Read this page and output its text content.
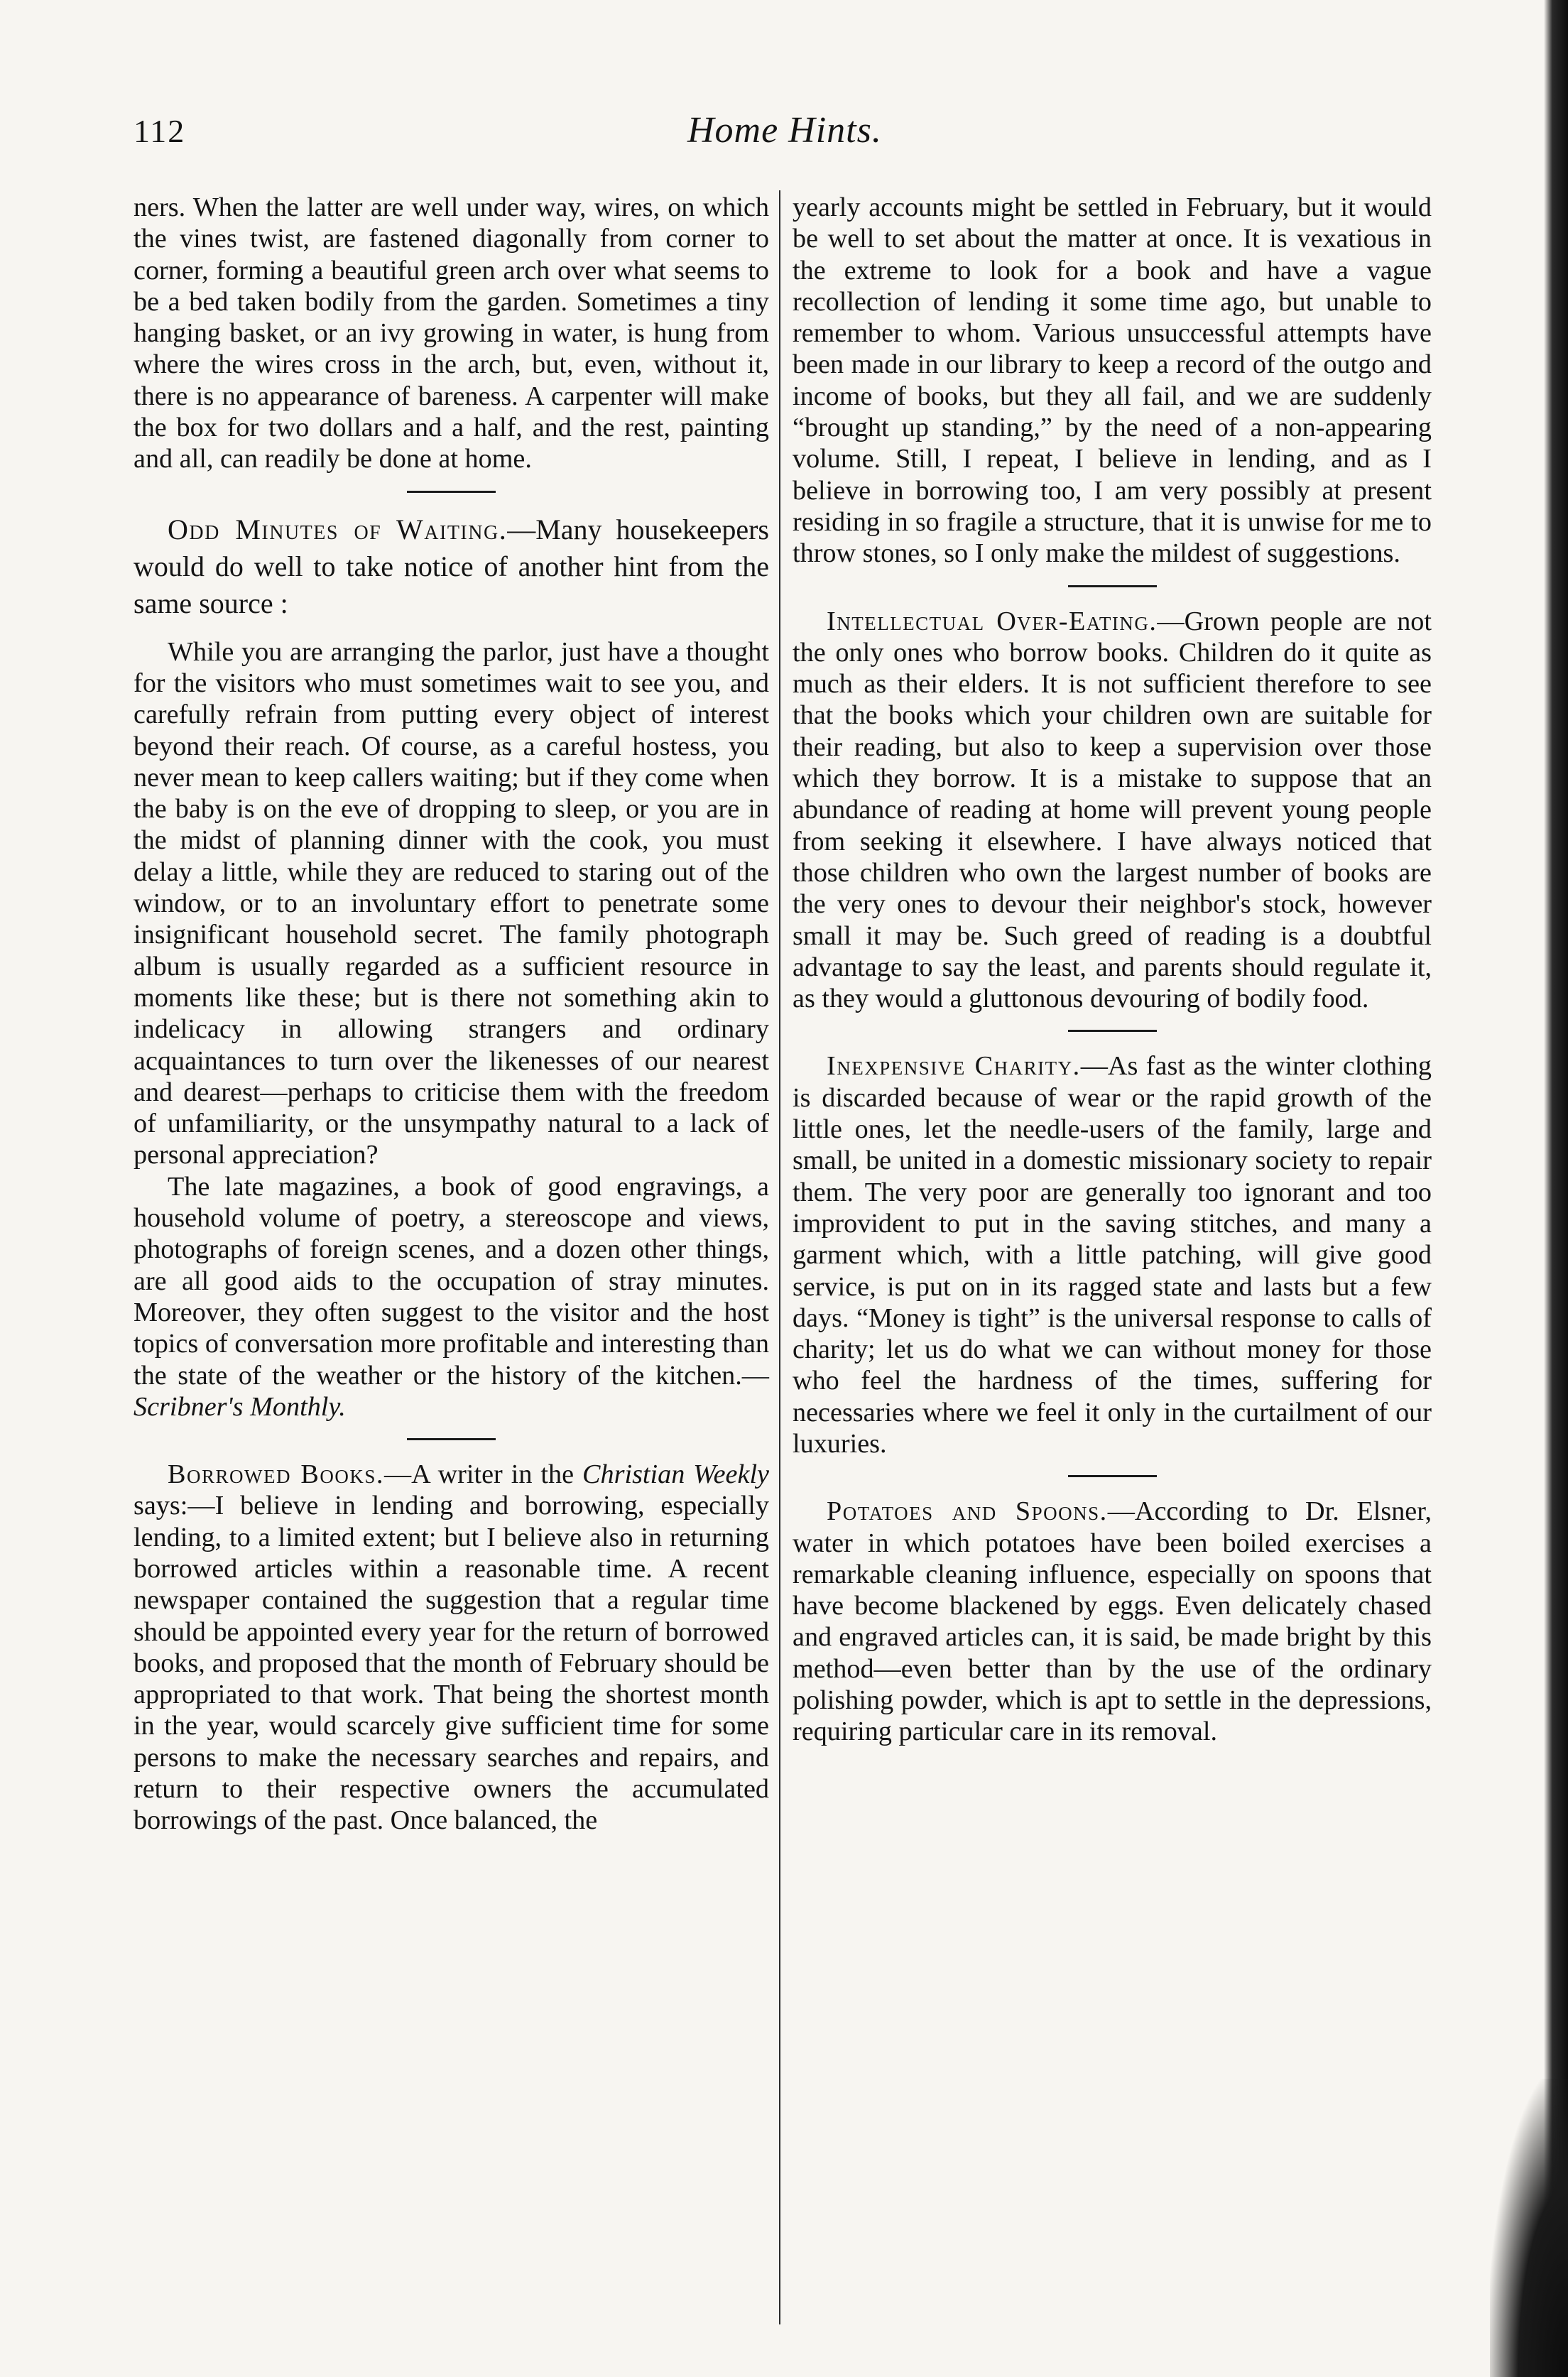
112	Home Hints.

ners. When the latter are well under way, wires, on which the vines twist, are fastened diagonally from corner to corner, forming a beautiful green arch over what seems to be a bed taken bodily from the garden. Sometimes a tiny hanging basket, or an ivy growing in water, is hung from where the wires cross in the arch, but, even, without it, there is no appearance of bareness. A carpenter will make the box for two dollars and a half, and the rest, painting and all, can readily be done at home.

Odd Minutes of Waiting.—Many housekeepers would do well to take notice of another hint from the same source :

While you are arranging the parlor, just have a thought for the visitors who must sometimes wait to see you, and carefully refrain from putting every object of interest beyond their reach. Of course, as a careful hostess, you never mean to keep callers waiting; but if they come when the baby is on the eve of dropping to sleep, or you are in the midst of planning dinner with the cook, you must delay a little, while they are reduced to staring out of the window, or to an involuntary effort to penetrate some insignificant household secret. The family photograph album is usually regarded as a sufficient resource in moments like these; but is there not something akin to indelicacy in allowing strangers and ordinary acquaintances to turn over the likenesses of our nearest and dearest—perhaps to criticise them with the freedom of unfamiliarity, or the unsympathy natural to a lack of personal appreciation?

The late magazines, a book of good engravings, a household volume of poetry, a stereoscope and views, photographs of foreign scenes, and a dozen other things, are all good aids to the occupation of stray minutes. Moreover, they often suggest to the visitor and the host topics of conversation more profitable and interesting than the state of the weather or the history of the kitchen.—Scribner's Monthly.

Borrowed Books.—A writer in the Christian Weekly says:—I believe in lending and borrowing, especially lending, to a limited extent; but I believe also in returning borrowed articles within a reasonable time. A recent newspaper contained the suggestion that a regular time should be appointed every year for the return of borrowed books, and proposed that the month of February should be appropriated to that work. That being the shortest month in the year, would scarcely give sufficient time for some persons to make the necessary searches and repairs, and return to their respective owners the accumulated borrowings of the past. Once balanced, the

yearly accounts might be settled in February, but it would be well to set about the matter at once. It is vexatious in the extreme to look for a book and have a vague recollection of lending it some time ago, but unable to remember to whom. Various unsuccessful attempts have been made in our library to keep a record of the outgo and income of books, but they all fail, and we are suddenly “brought up standing,” by the need of a non-appearing volume. Still, I repeat, I believe in lending, and as I believe in borrowing too, I am very possibly at present residing in so fragile a structure, that it is unwise for me to throw stones, so I only make the mildest of suggestions.

Intellectual Over-Eating.—Grown people are not the only ones who borrow books. Children do it quite as much as their elders. It is not sufficient therefore to see that the books which your children own are suitable for their reading, but also to keep a supervision over those which they borrow. It is a mistake to suppose that an abundance of reading at home will prevent young people from seeking it elsewhere. I have always noticed that those children who own the largest number of books are the very ones to devour their neighbor's stock, however small it may be. Such greed of reading is a doubtful advantage to say the least, and parents should regulate it, as they would a gluttonous devouring of bodily food.

Inexpensive Charity.—As fast as the winter clothing is discarded because of wear or the rapid growth of the little ones, let the needle-users of the family, large and small, be united in a domestic missionary society to repair them. The very poor are generally too ignorant and too improvident to put in the saving stitches, and many a garment which, with a little patching, will give good service, is put on in its ragged state and lasts but a few days. “Money is tight” is the universal response to calls of charity; let us do what we can without money for those who feel the hardness of the times, suffering for necessaries where we feel it only in the curtailment of our luxuries.

Potatoes and Spoons.—According to Dr. Elsner, water in which potatoes have been boiled exercises a remarkable cleaning influence, especially on spoons that have become blackened by eggs. Even delicately chased and engraved articles can, it is said, be made bright by this method—even better than by the use of the ordinary polishing powder, which is apt to settle in the depressions, requiring particular care in its removal.
